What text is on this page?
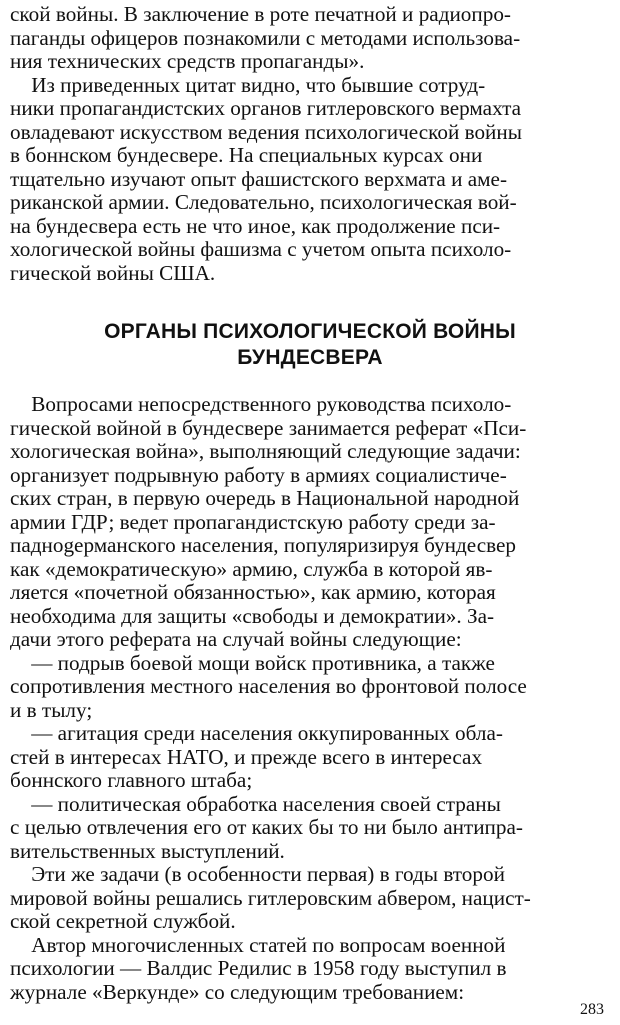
ской войны. В заключение в роте печатной и радиопро-
паганды офицеров познакомили с методами использова-
ния технических средств пропаганды».
Из приведенных цитат видно, что бывшие сотруд-
ники пропагандистских органов гитлеровского вермахта
овладевают искусством ведения психологической войны
в боннском бундесвере. На специальных курсах они
тщательно изучают опыт фашистского верхмата и аме-
риканской армии. Следовательно, психологическая вой-
на бундесвера есть не что иное, как продолжение пси-
хологической войны фашизма с учетом опыта психоло-
гической войны США.
ОРГАНЫ ПСИХОЛОГИЧЕСКОЙ ВОЙНЫ
БУНДЕСВЕРА
Вопросами непосредственного руководства психоло-
гической войной в бундесвере занимается реферат «Пси-
хологическая война», выполняющий следующие задачи:
организует подрывную работу в армиях социалистиче-
ских стран, в первую очередь в Национальной народной
армии ГДР; ведет пропагандистскую работу среди за-
паднogерманского населения, популяризируя бундесвер
как «демократическую» армию, служба в которой яв-
ляется «почетной обязанностью», как армию, которая
необходима для защиты «свободы и демократии». За-
дачи этого реферата на случай войны следующие:
— подрыв боевой мощи войск противника, а также
сопротивления местного населения во фронтовой полосе
и в тылу;
— агитация среди населения оккупированных обла-
стей в интересах НАТО, и прежде всего в интересах
боннского главного штаба;
— политическая обработка населения своей страны
с целью отвлечения его от каких бы то ни было антипра-
вительственных выступлений.
Эти же задачи (в особенности первая) в годы второй
мировой войны решались гитлеровским абвером, нацист-
ской секретной службой.
Автор многочисленных статей по вопросам военной
психологии — Валдис Редилис в 1958 году выступил в
журнале «Веркунде» со следующим требованием:
283
